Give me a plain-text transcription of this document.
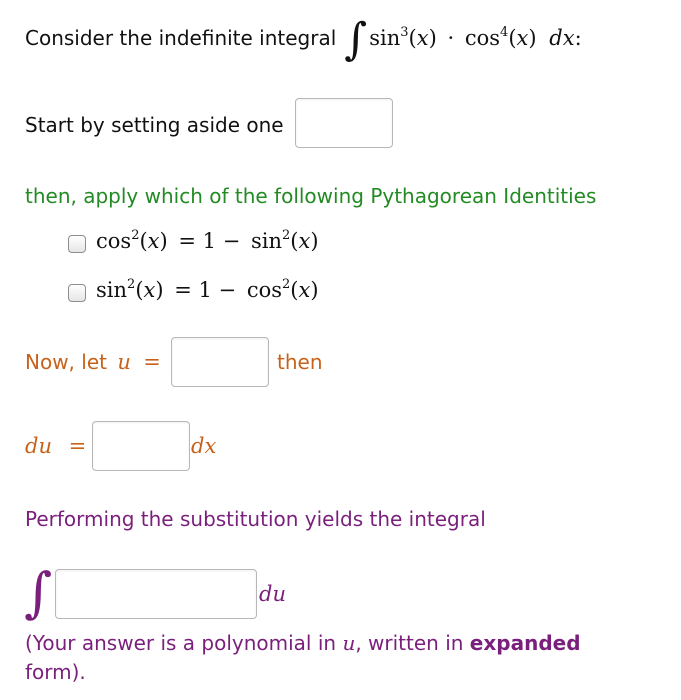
Consider the indefinite integral ∫ $\sin^3(x) \cdot \cos^4(x)$ dx:
Start by setting aside one
then, apply which of the following Pythagorean Identities
$\cos^2(x) = 1 - \sin^2(x)$
$\sin^2(x) = 1 - \cos^2(x)$
Now, let u =	then
du =	dx
Performing the substitution yields the integral
∫	du
(Your answer is a polynomial in u, written in expanded
form).
